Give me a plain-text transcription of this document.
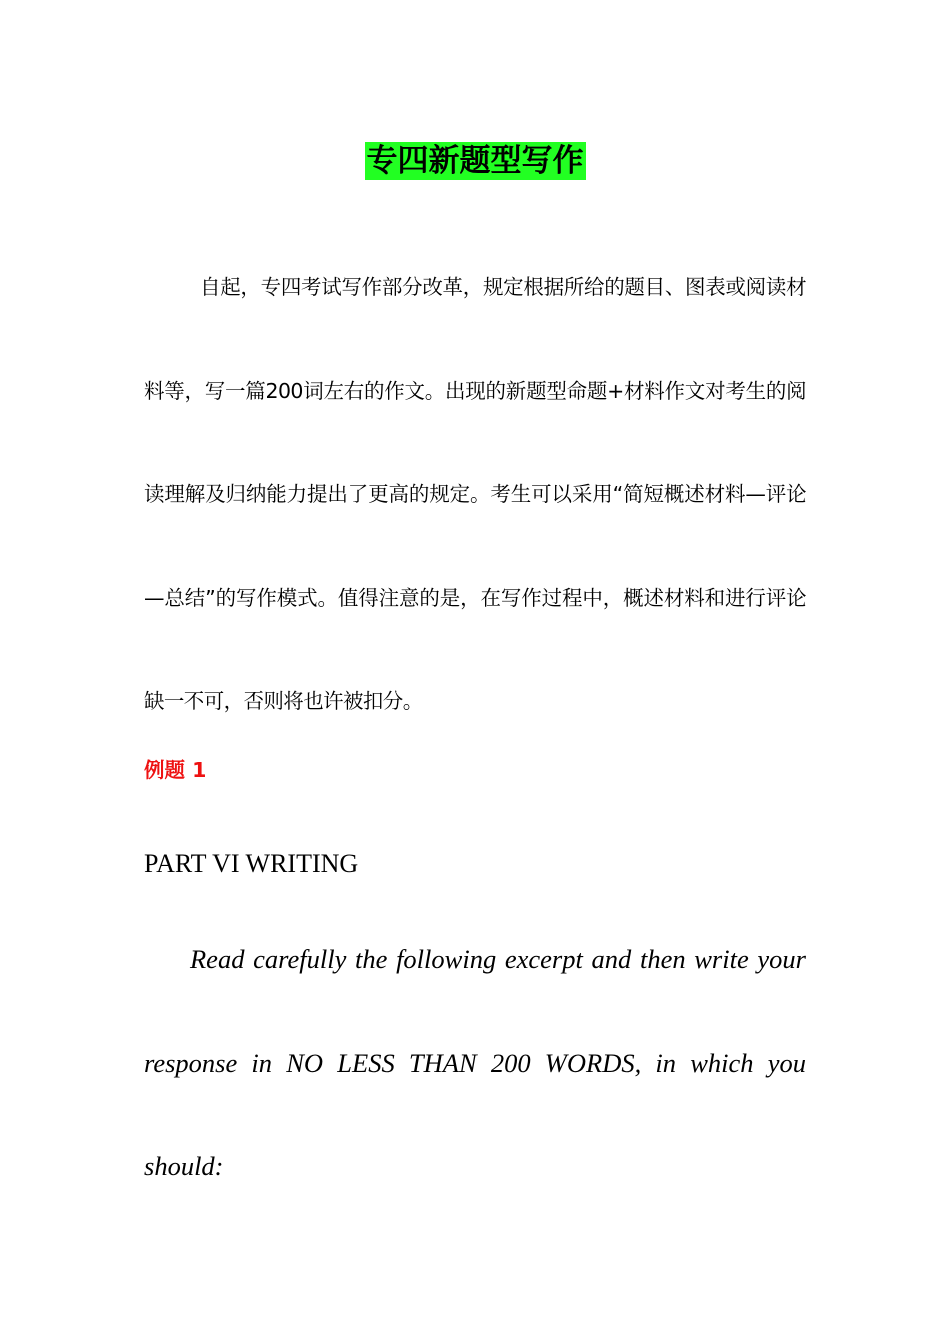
专四新题型写作

自起，专四考试写作部分改革，规定根据所给的题目、图表或阅读材料等，写一篇200词左右的作文。出现的新题型命题+材料作文对考生的阅读理解及归纳能力提出了更高的规定。考生可以采用“简短概述材料—评论—总结”的写作模式。值得注意的是，在写作过程中，概述材料和进行评论缺一不可，否则将也许被扣分。

例题 1
PART VI WRITING

Read carefully the following excerpt and then write your response in NO LESS THAN 200 WORDS, in which you should:
